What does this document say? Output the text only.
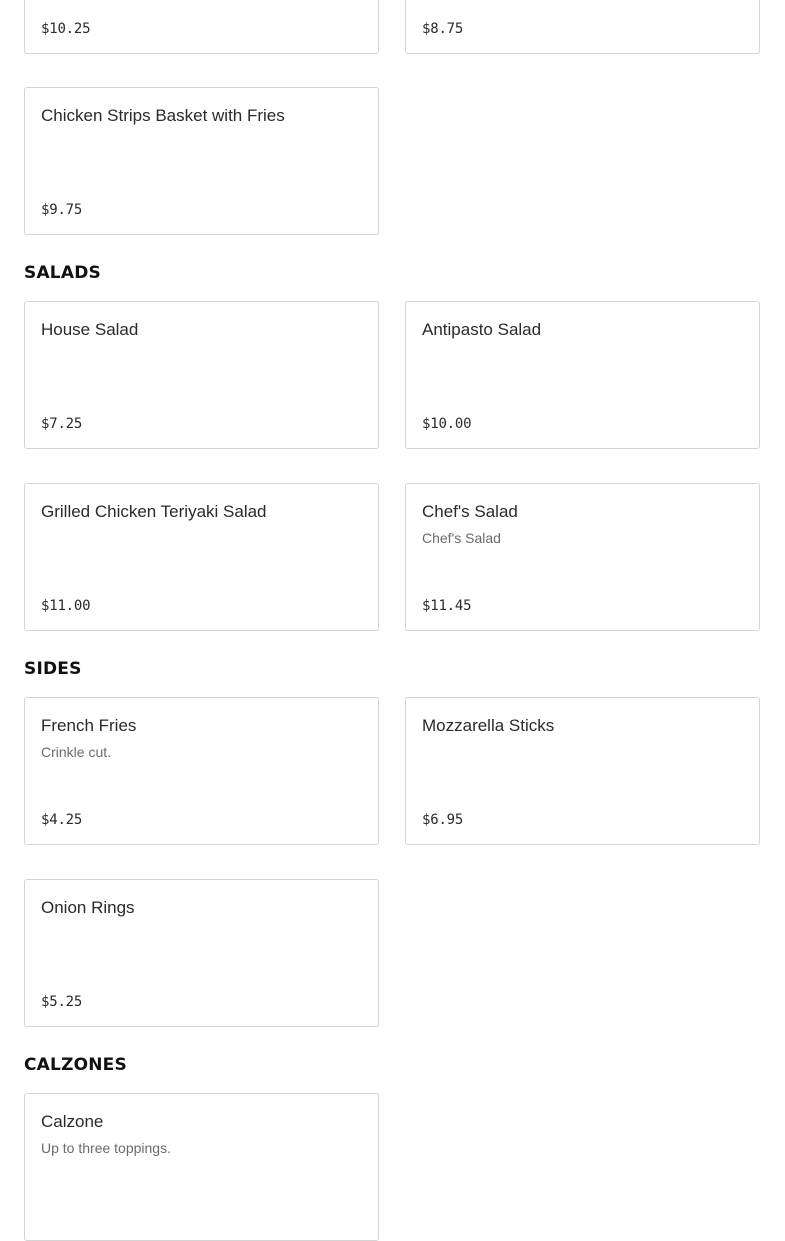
$10.25	$8.75
Chicken Strips Basket with Fries
$9.75
SALADS
House Salad
$7.25
Antipasto Salad
$10.00
Grilled Chicken Teriyaki Salad
$11.00
Chef's Salad
Chef's Salad
$11.45
SIDES
French Fries
Crinkle cut.
$4.25
Mozzarella Sticks
$6.95
Onion Rings
$5.25
CALZONES
Calzone
Up to three toppings.
